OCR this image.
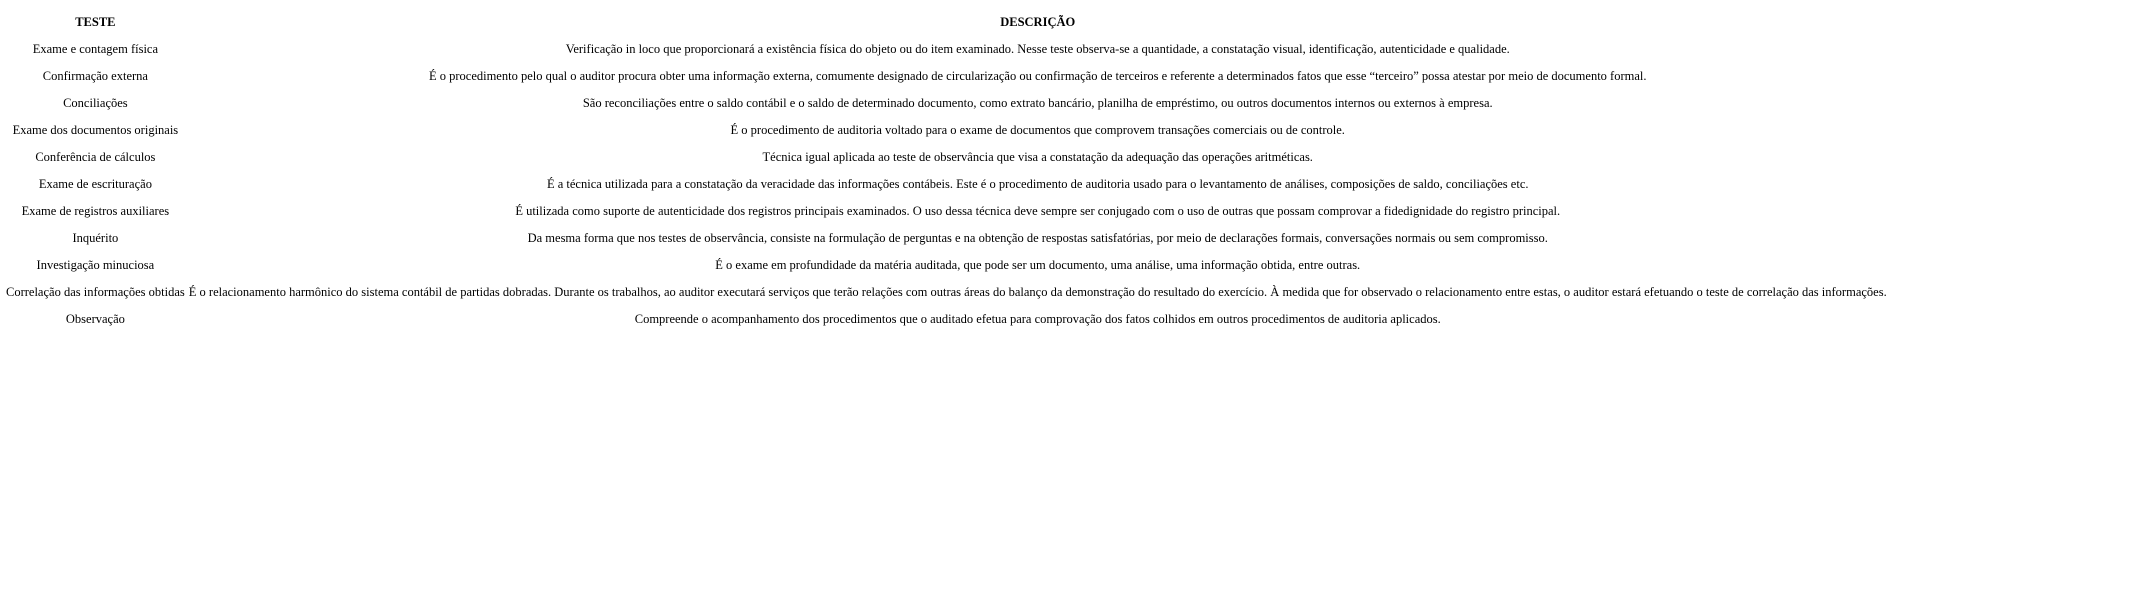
TESTE	DESCRIÇÃO
Exame e contagem física	Verificação in loco que proporcionará a existência física do objeto ou do item examinado. Nesse teste observa-se a quantidade, a constatação visual, identificação, autenticidade e qualidade.
Confirmação externa	É o procedimento pelo qual o auditor procura obter uma informação externa, comumente designado de circularização ou confirmação de terceiros e referente a determinados fatos que esse “terceiro” possa atestar por meio de documento formal.
Conciliações	São reconciliações entre o saldo contábil e o saldo de determinado documento, como extrato bancário, planilha de empréstimo, ou outros documentos internos ou externos à empresa.
Exame dos documentos originais	É o procedimento de auditoria voltado para o exame de documentos que comprovem transações comerciais ou de controle.
Conferência de cálculos	Técnica igual aplicada ao teste de observância que visa a constatação da adequação das operações aritméticas.
Exame de escrituração	É a técnica utilizada para a constatação da veracidade das informações contábeis. Este é o procedimento de auditoria usado para o levantamento de análises, composições de saldo, conciliações etc.
Exame de registros auxiliares	É utilizada como suporte de autenticidade dos registros principais examinados. O uso dessa técnica deve sempre ser conjugado com o uso de outras que possam comprovar a fidedignidade do registro principal.
Inquérito	Da mesma forma que nos testes de observância, consiste na formulação de perguntas e na obtenção de respostas satisfatórias, por meio de declarações formais, conversações normais ou sem compromisso.
Investigação minuciosa	É o exame em profundidade da matéria auditada, que pode ser um documento, uma análise, uma informação obtida, entre outras.
Correlação das informações obtidas	É o relacionamento harmônico do sistema contábil de partidas dobradas. Durante os trabalhos, ao auditor executará serviços que terão relações com outras áreas do balanço da demonstração do resultado do exercício. À medida que for observado o relacionamento entre estas, o auditor estará efetuando o teste de correlação das informações.
Observação	Compreende o acompanhamento dos procedimentos que o auditado efetua para comprovação dos fatos colhidos em outros procedimentos de auditoria aplicados.
